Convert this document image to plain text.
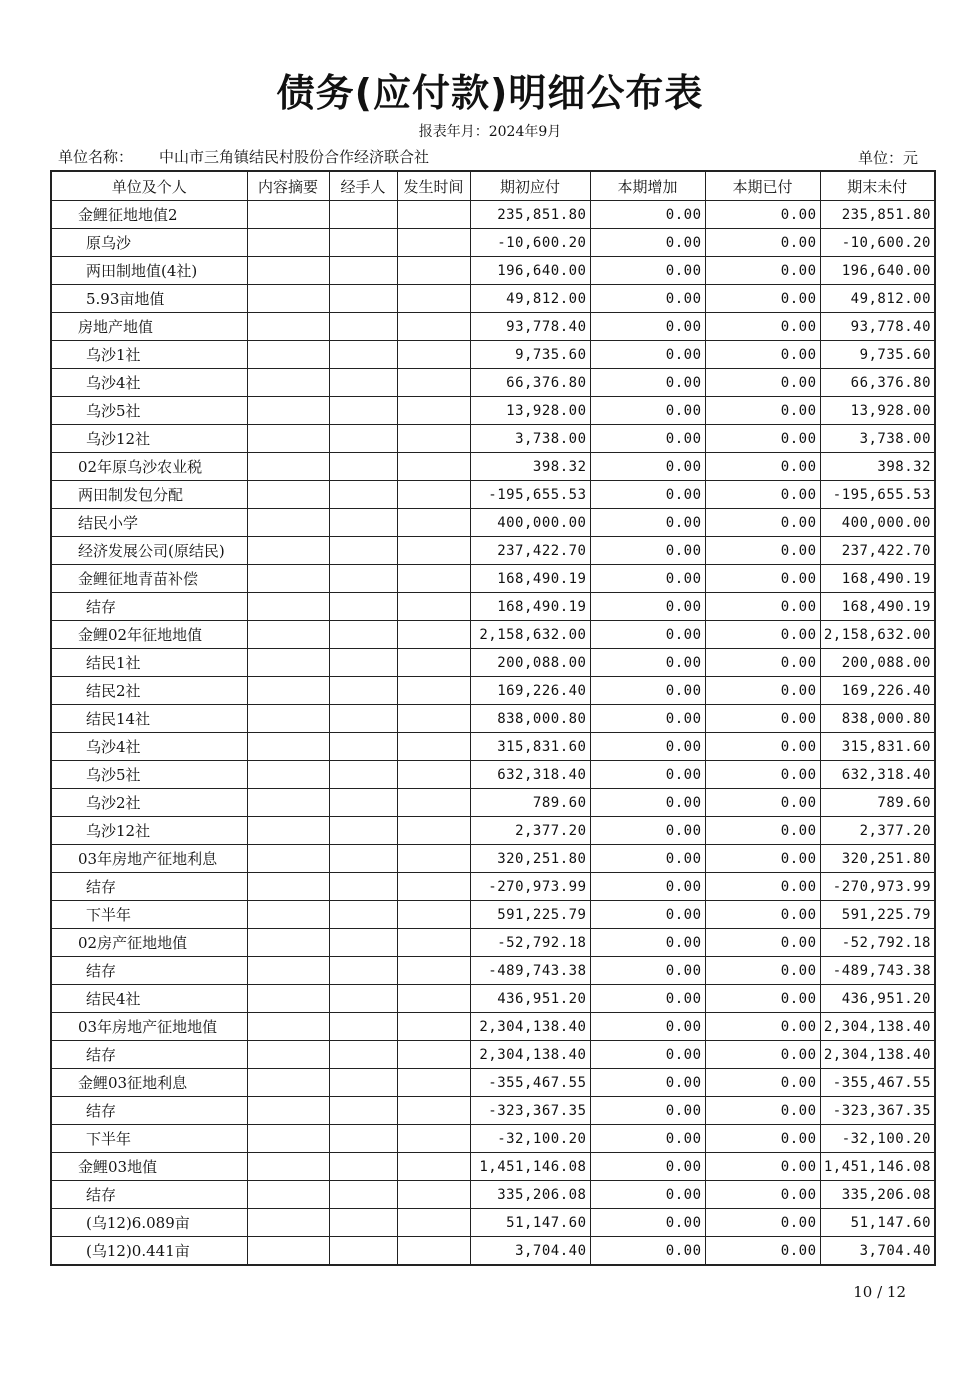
债务(应付款)明细公布表
报表年月：2024年9月
单位名称： 中山市三角镇结民村股份合作经济联合社	单位：元
单位及个人	内容摘要	经手人	发生时间	期初应付	本期增加	本期已付	期末未付
金鲤征地地值2				235,851.80	0.00	0.00	235,851.80
原乌沙				-10,600.20	0.00	0.00	-10,600.20
两田制地值(4社)				196,640.00	0.00	0.00	196,640.00
5.93亩地值				49,812.00	0.00	0.00	49,812.00
房地产地值				93,778.40	0.00	0.00	93,778.40
乌沙1社				9,735.60	0.00	0.00	9,735.60
乌沙4社				66,376.80	0.00	0.00	66,376.80
乌沙5社				13,928.00	0.00	0.00	13,928.00
乌沙12社				3,738.00	0.00	0.00	3,738.00
02年原乌沙农业税				398.32	0.00	0.00	398.32
两田制发包分配				-195,655.53	0.00	0.00	-195,655.53
结民小学				400,000.00	0.00	0.00	400,000.00
经济发展公司(原结民)				237,422.70	0.00	0.00	237,422.70
金鲤征地青苗补偿				168,490.19	0.00	0.00	168,490.19
结存				168,490.19	0.00	0.00	168,490.19
金鲤02年征地地值				2,158,632.00	0.00	0.00	2,158,632.00
结民1社				200,088.00	0.00	0.00	200,088.00
结民2社				169,226.40	0.00	0.00	169,226.40
结民14社				838,000.80	0.00	0.00	838,000.80
乌沙4社				315,831.60	0.00	0.00	315,831.60
乌沙5社				632,318.40	0.00	0.00	632,318.40
乌沙2社				789.60	0.00	0.00	789.60
乌沙12社				2,377.20	0.00	0.00	2,377.20
03年房地产征地利息				320,251.80	0.00	0.00	320,251.80
结存				-270,973.99	0.00	0.00	-270,973.99
下半年				591,225.79	0.00	0.00	591,225.79
02房产征地地值				-52,792.18	0.00	0.00	-52,792.18
结存				-489,743.38	0.00	0.00	-489,743.38
结民4社				436,951.20	0.00	0.00	436,951.20
03年房地产征地地值				2,304,138.40	0.00	0.00	2,304,138.40
结存				2,304,138.40	0.00	0.00	2,304,138.40
金鲤03征地利息				-355,467.55	0.00	0.00	-355,467.55
结存				-323,367.35	0.00	0.00	-323,367.35
下半年				-32,100.20	0.00	0.00	-32,100.20
金鲤03地值				1,451,146.08	0.00	0.00	1,451,146.08
结存				335,206.08	0.00	0.00	335,206.08
(乌12)6.089亩				51,147.60	0.00	0.00	51,147.60
(乌12)0.441亩				3,704.40	0.00	0.00	3,704.40
10 / 12
